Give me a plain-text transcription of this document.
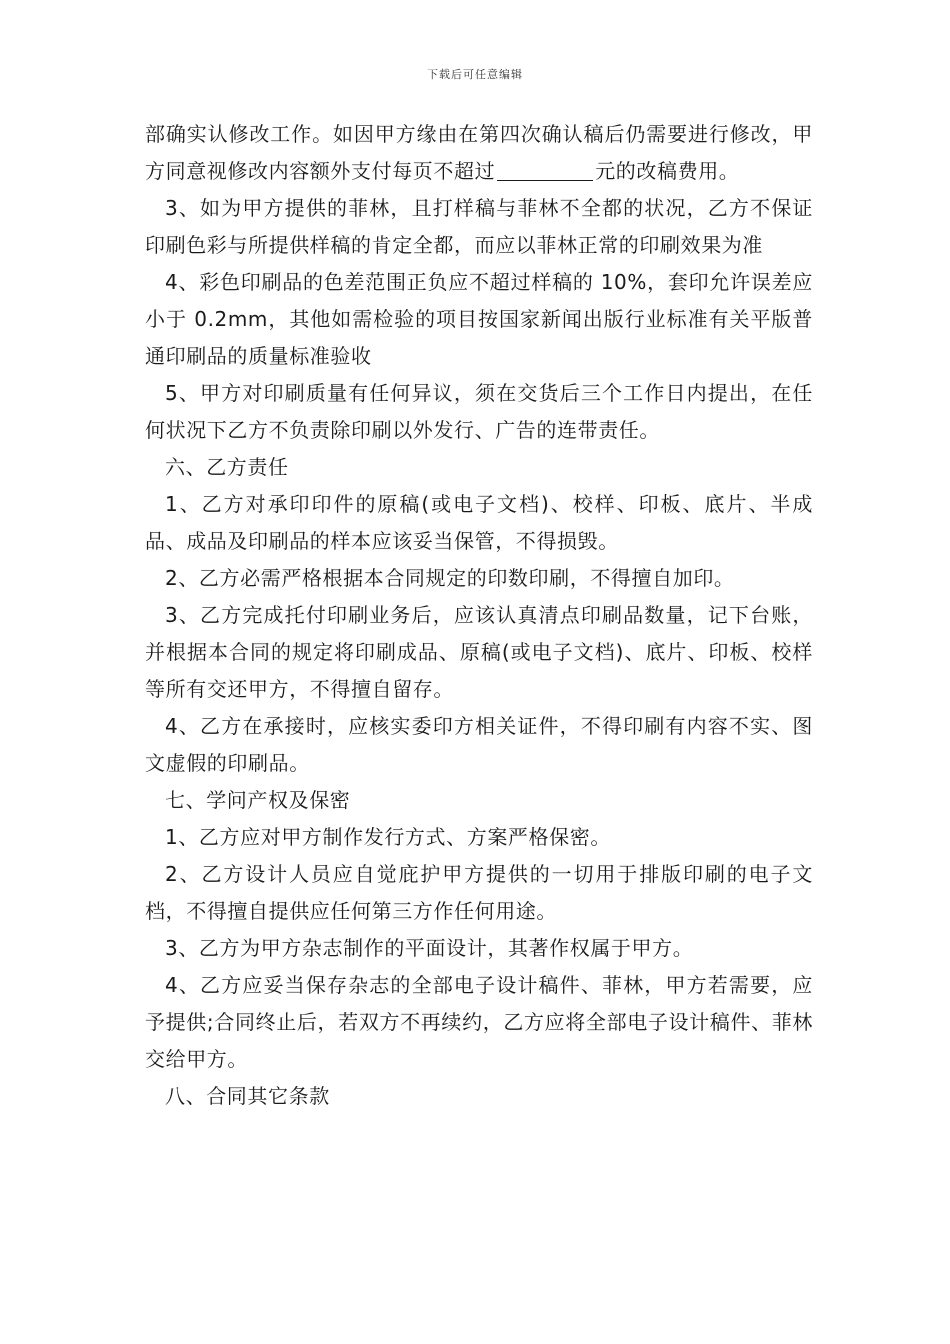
下载后可任意编辑

部确实认修改工作。如因甲方缘由在第四次确认稿后仍需要进行修改，甲方同意视修改内容额外支付每页不超过	元的改稿费用。

3、如为甲方提供的菲林，且打样稿与菲林不全都的状况，乙方不保证印刷色彩与所提供样稿的肯定全都，而应以菲林正常的印刷效果为准

4、彩色印刷品的色差范围正负应不超过样稿的 10%，套印允许误差应小于 0.2mm，其他如需检验的项目按国家新闻出版行业标准有关平版普通印刷品的质量标准验收

5、甲方对印刷质量有任何异议，须在交货后三个工作日内提出，在任何状况下乙方不负责除印刷以外发行、广告的连带责任。

六、乙方责任

1、乙方对承印印件的原稿(或电子文档)、校样、印板、底片、半成品、成品及印刷品的样本应该妥当保管，不得损毁。

2、乙方必需严格根据本合同规定的印数印刷，不得擅自加印。

3、乙方完成托付印刷业务后，应该认真清点印刷品数量，记下台账，并根据本合同的规定将印刷成品、原稿(或电子文档)、底片、印板、校样等所有交还甲方，不得擅自留存。

4、乙方在承接时，应核实委印方相关证件，不得印刷有内容不实、图文虚假的印刷品。

七、学问产权及保密

1、乙方应对甲方制作发行方式、方案严格保密。

2、乙方设计人员应自觉庇护甲方提供的一切用于排版印刷的电子文档，不得擅自提供应任何第三方作任何用途。

3、乙方为甲方杂志制作的平面设计，其著作权属于甲方。

4、乙方应妥当保存杂志的全部电子设计稿件、菲林，甲方若需要，应予提供;合同终止后，若双方不再续约，乙方应将全部电子设计稿件、菲林交给甲方。

八、合同其它条款
